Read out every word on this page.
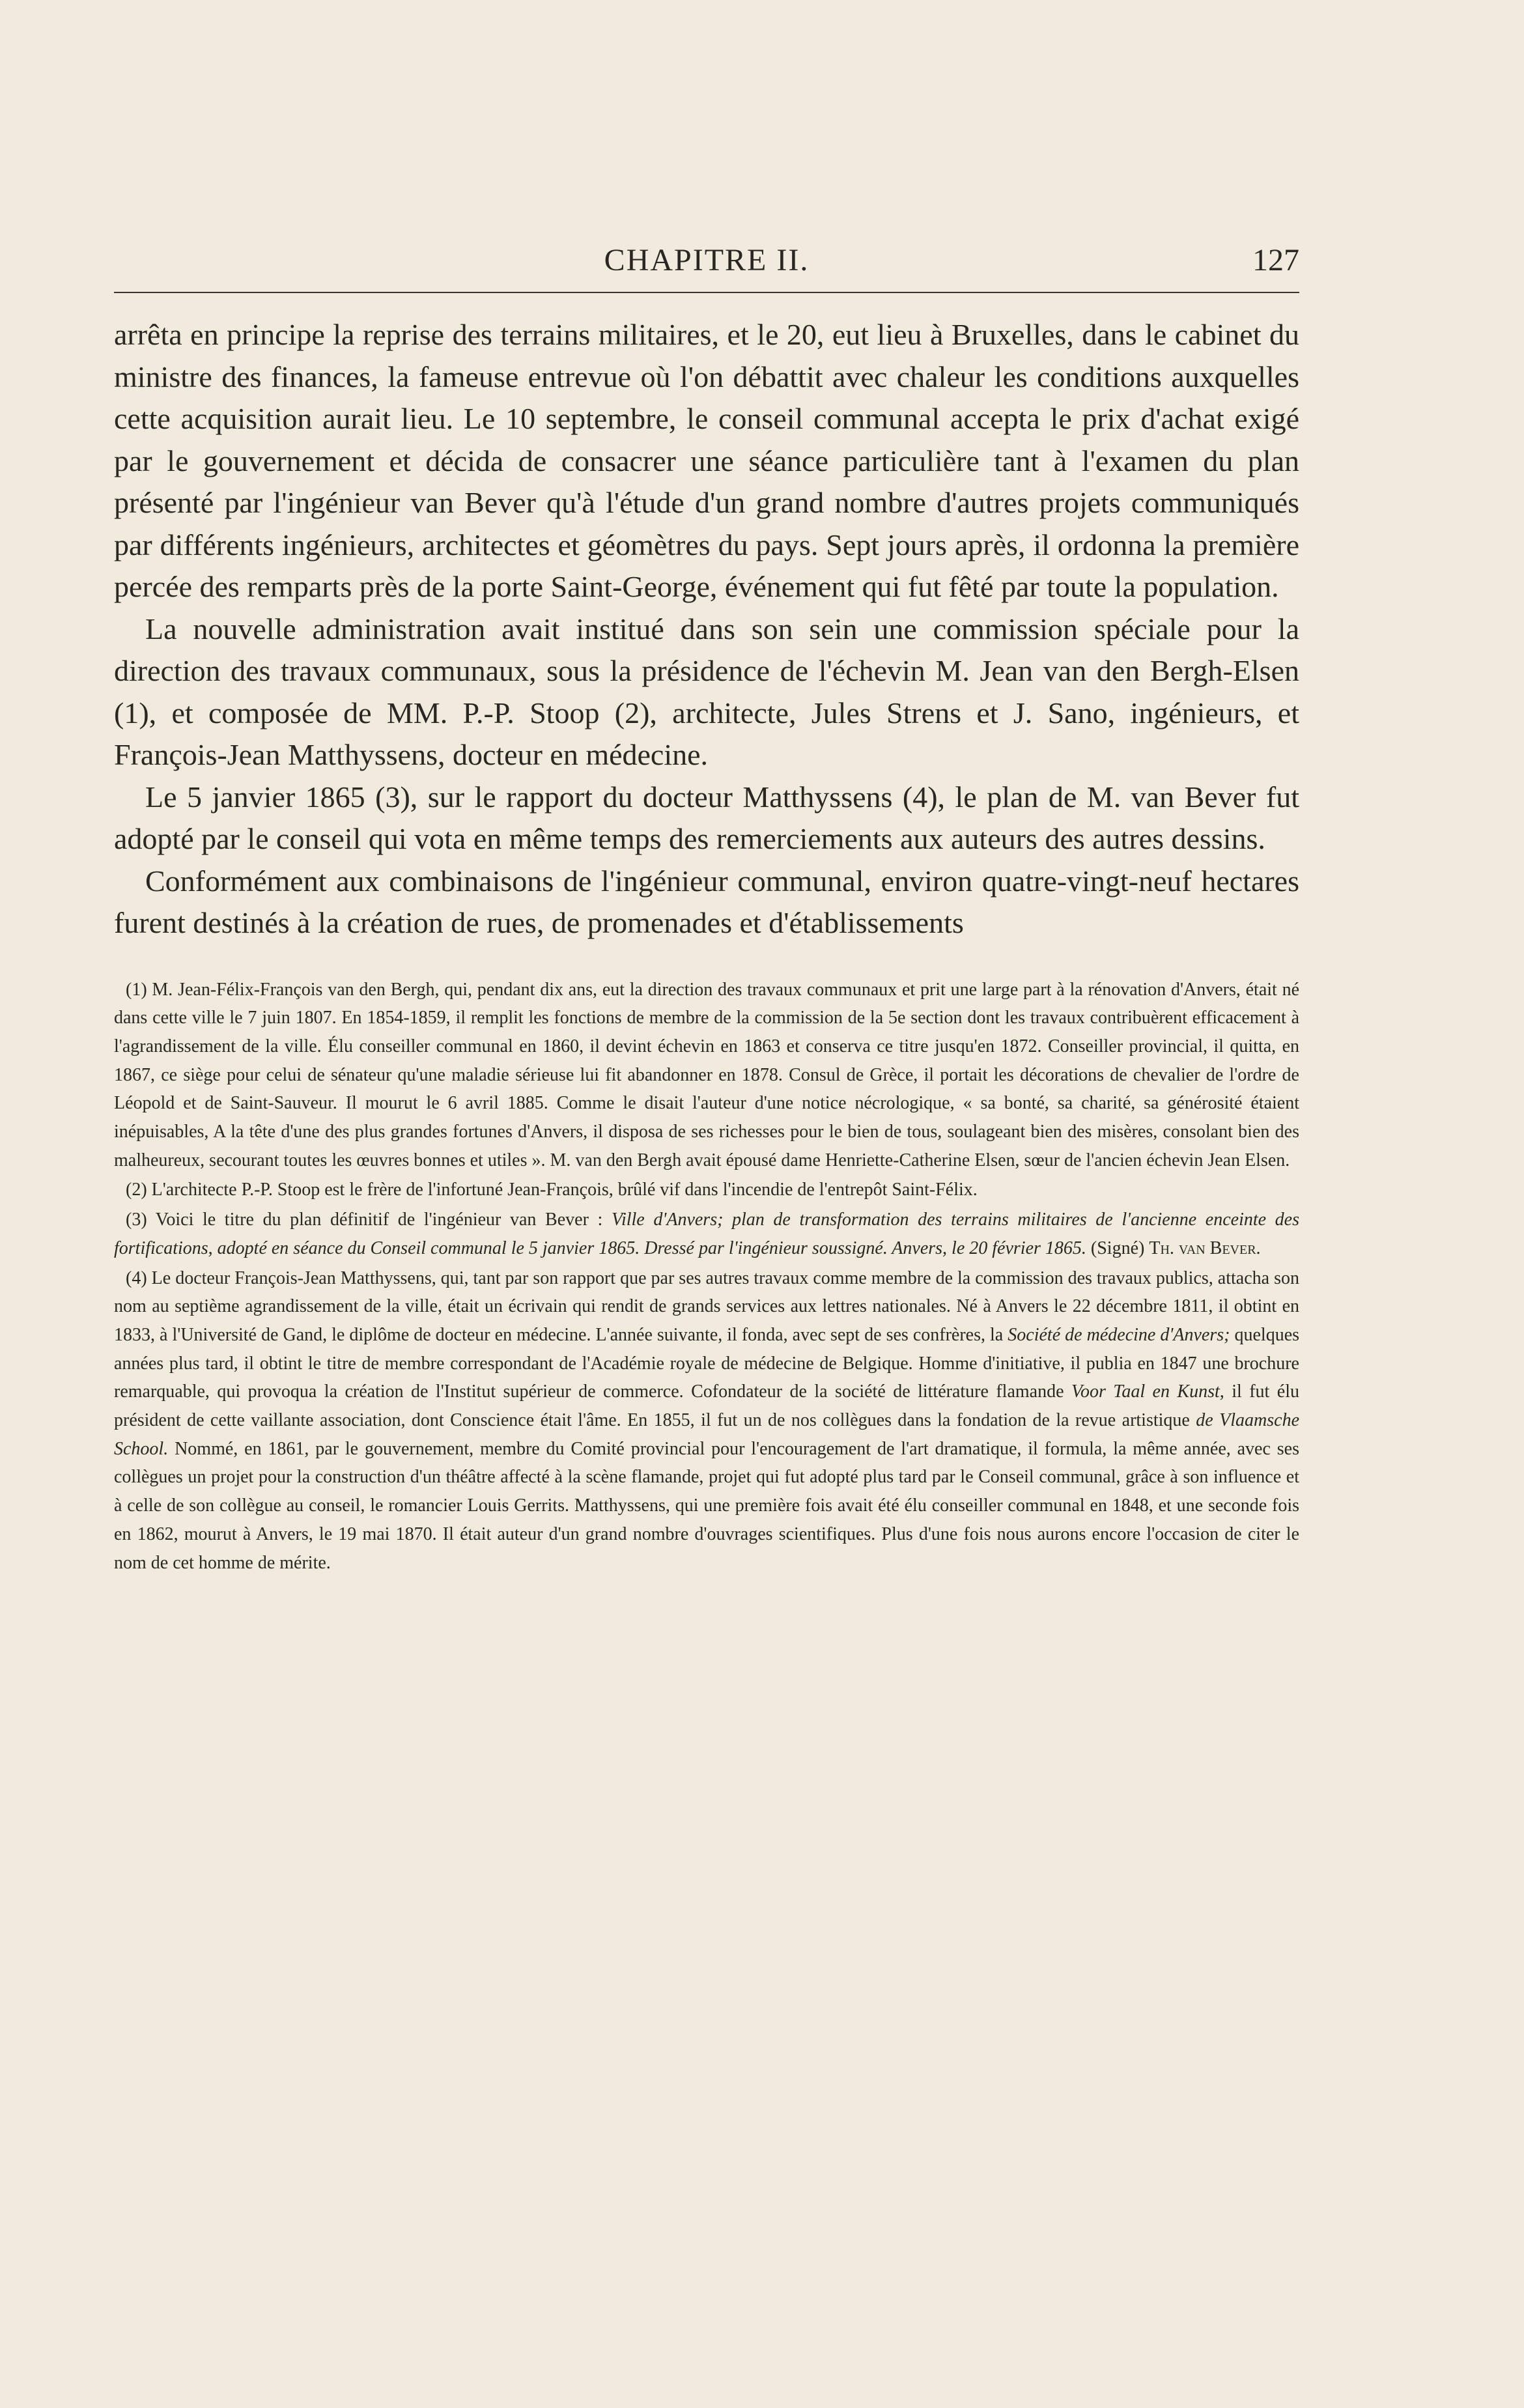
CHAPITRE II.	127

arrêta en principe la reprise des terrains militaires, et le 20, eut lieu à Bruxelles, dans le cabinet du ministre des finances, la fameuse entrevue où l'on débattit avec chaleur les conditions auxquelles cette acquisition aurait lieu. Le 10 septembre, le conseil communal accepta le prix d'achat exigé par le gouvernement et décida de consacrer une séance particulière tant à l'examen du plan présenté par l'ingénieur van Bever qu'à l'étude d'un grand nombre d'autres projets communiqués par différents ingénieurs, architectes et géomètres du pays. Sept jours après, il ordonna la première percée des remparts près de la porte Saint-George, événement qui fut fêté par toute la population.

La nouvelle administration avait institué dans son sein une commission spéciale pour la direction des travaux communaux, sous la présidence de l'échevin M. Jean van den Bergh-Elsen (1), et composée de MM. P.-P. Stoop (2), architecte, Jules Strens et J. Sano, ingénieurs, et François-Jean Matthyssens, docteur en médecine.

Le 5 janvier 1865 (3), sur le rapport du docteur Matthyssens (4), le plan de M. van Bever fut adopté par le conseil qui vota en même temps des remerciements aux auteurs des autres dessins.

Conformément aux combinaisons de l'ingénieur communal, environ quatre-vingt-neuf hectares furent destinés à la création de rues, de promenades et d'établissements

(1) M. Jean-Félix-François van den Bergh, qui, pendant dix ans, eut la direction des travaux communaux et prit une large part à la rénovation d'Anvers, était né dans cette ville le 7 juin 1807. En 1854-1859, il remplit les fonctions de membre de la commission de la 5e section dont les travaux contribuèrent efficacement à l'agrandissement de la ville. Élu conseiller communal en 1860, il devint échevin en 1863 et conserva ce titre jusqu'en 1872. Conseiller provincial, il quitta, en 1867, ce siège pour celui de sénateur qu'une maladie sérieuse lui fit abandonner en 1878. Consul de Grèce, il portait les décorations de chevalier de l'ordre de Léopold et de Saint-Sauveur. Il mourut le 6 avril 1885. Comme le disait l'auteur d'une notice nécrologique, « sa bonté, sa charité, sa générosité étaient inépuisables, A la tête d'une des plus grandes fortunes d'Anvers, il disposa de ses richesses pour le bien de tous, soulageant bien des misères, consolant bien des malheureux, secourant toutes les œuvres bonnes et utiles ». M. van den Bergh avait épousé dame Henriette-Catherine Elsen, sœur de l'ancien échevin Jean Elsen.

(2) L'architecte P.-P. Stoop est le frère de l'infortuné Jean-François, brûlé vif dans l'incendie de l'entrepôt Saint-Félix.

(3) Voici le titre du plan définitif de l'ingénieur van Bever : Ville d'Anvers; plan de transformation des terrains militaires de l'ancienne enceinte des fortifications, adopté en séance du Conseil communal le 5 janvier 1865. Dressé par l'ingénieur soussigné. Anvers, le 20 février 1865. (Signé) Th. van Bever.

(4) Le docteur François-Jean Matthyssens, qui, tant par son rapport que par ses autres travaux comme membre de la commission des travaux publics, attacha son nom au septième agrandissement de la ville, était un écrivain qui rendit de grands services aux lettres nationales. Né à Anvers le 22 décembre 1811, il obtint en 1833, à l'Université de Gand, le diplôme de docteur en médecine. L'année suivante, il fonda, avec sept de ses confrères, la Société de médecine d'Anvers; quelques années plus tard, il obtint le titre de membre correspondant de l'Académie royale de médecine de Belgique. Homme d'initiative, il publia en 1847 une brochure remarquable, qui provoqua la création de l'Institut supérieur de commerce. Cofondateur de la société de littérature flamande Voor Taal en Kunst, il fut élu président de cette vaillante association, dont Conscience était l'âme. En 1855, il fut un de nos collègues dans la fondation de la revue artistique de Vlaamsche School. Nommé, en 1861, par le gouvernement, membre du Comité provincial pour l'encouragement de l'art dramatique, il formula, la même année, avec ses collègues un projet pour la construction d'un théâtre affecté à la scène flamande, projet qui fut adopté plus tard par le Conseil communal, grâce à son influence et à celle de son collègue au conseil, le romancier Louis Gerrits. Matthyssens, qui une première fois avait été élu conseiller communal en 1848, et une seconde fois en 1862, mourut à Anvers, le 19 mai 1870. Il était auteur d'un grand nombre d'ouvrages scientifiques. Plus d'une fois nous aurons encore l'occasion de citer le nom de cet homme de mérite.
